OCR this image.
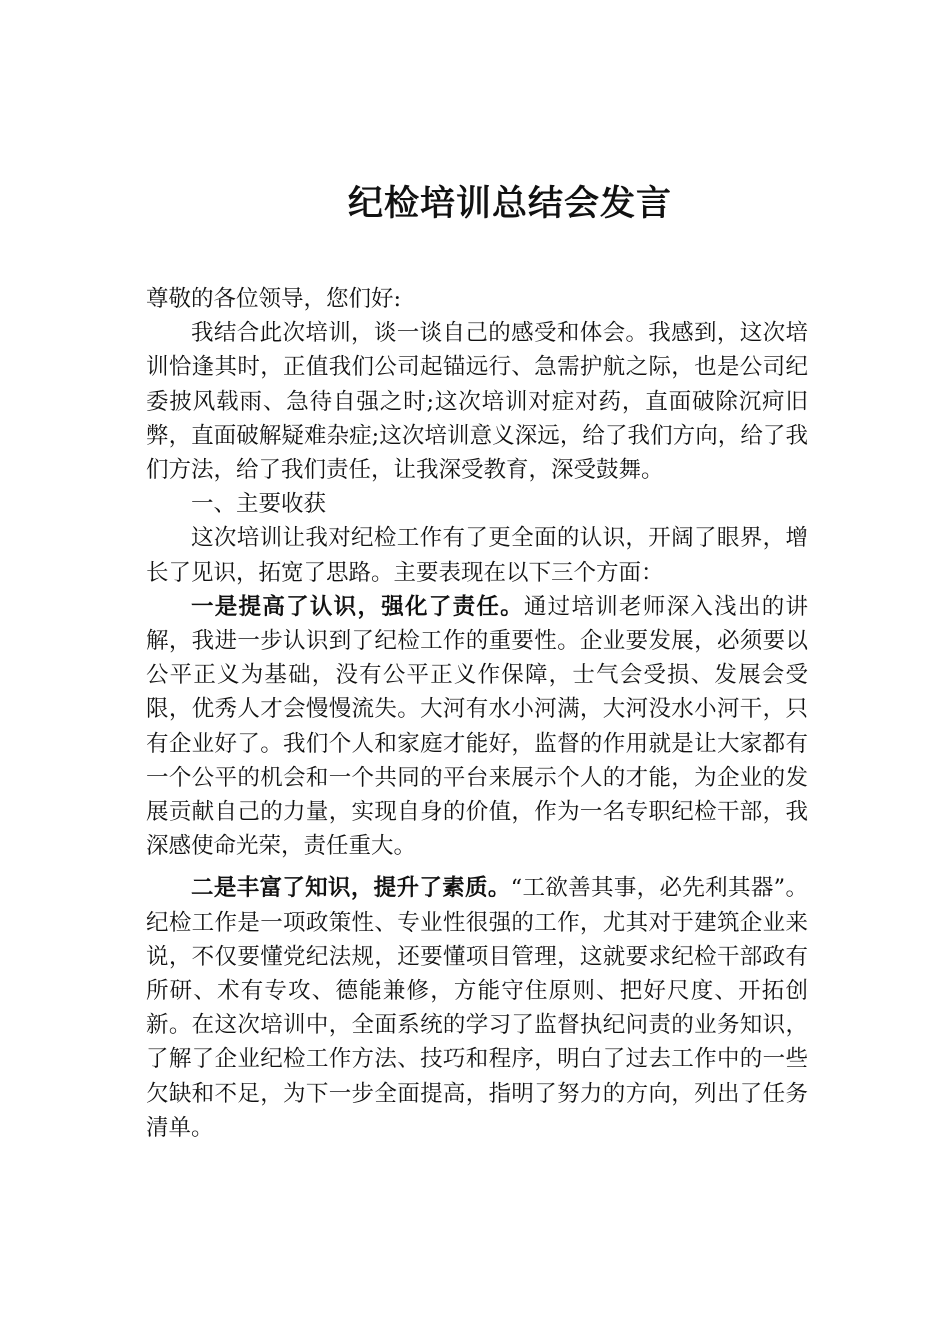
纪检培训总结会发言

尊敬的各位领导，您们好:

我结合此次培训，谈一谈自己的感受和体会。我感到，这次培训恰逢其时，正值我们公司起锚远行、急需护航之际，也是公司纪委披风载雨、急待自强之时;这次培训对症对药，直面破除沉疴旧弊，直面破解疑难杂症;这次培训意义深远，给了我们方向，给了我们方法，给了我们责任，让我深受教育，深受鼓舞。

一、主要收获

这次培训让我对纪检工作有了更全面的认识，开阔了眼界，增长了见识，拓宽了思路。主要表现在以下三个方面：

一是提高了认识，强化了责任。通过培训老师深入浅出的讲解，我进一步认识到了纪检工作的重要性。企业要发展，必须要以公平正义为基础，没有公平正义作保障，士气会受损、发展会受限，优秀人才会慢慢流失。大河有水小河满，大河没水小河干，只有企业好了。我们个人和家庭才能好，监督的作用就是让大家都有一个公平的机会和一个共同的平台来展示个人的才能，为企业的发展贡献自己的力量，实现自身的价值，作为一名专职纪检干部，我深感使命光荣，责任重大。

二是丰富了知识，提升了素质。“工欲善其事，必先利其器”。纪检工作是一项政策性、专业性很强的工作，尤其对于建筑企业来说，不仅要懂党纪法规，还要懂项目管理，这就要求纪检干部政有所研、术有专攻、德能兼修，方能守住原则、把好尺度、开拓创新。在这次培训中，全面系统的学习了监督执纪问责的业务知识，了解了企业纪检工作方法、技巧和程序，明白了过去工作中的一些欠缺和不足，为下一步全面提高，指明了努力的方向，列出了任务清单。
